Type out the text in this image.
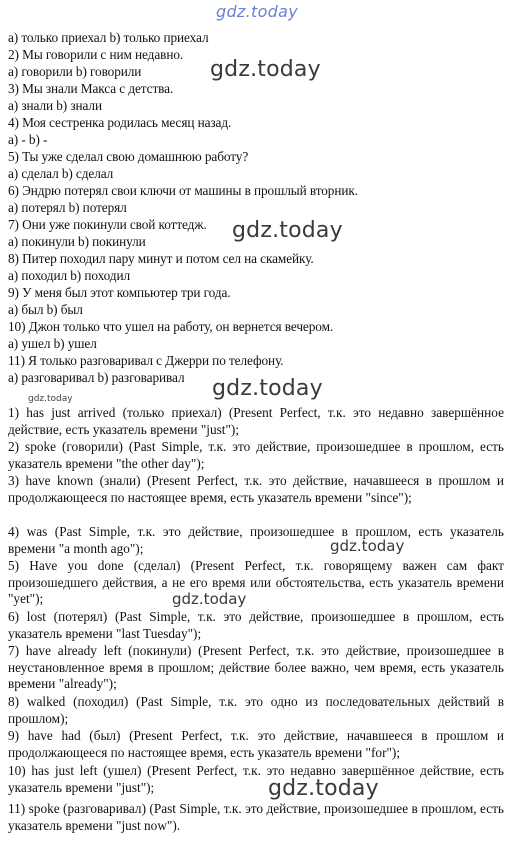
gdz.today
a) только приехал b) только приехал
2) Мы говорили с ним недавно.
a) говорили b) говорили
3) Мы знали Макса с детства.
a) знали b) знали
4) Моя сестренка родилась месяц назад.
a) - b) -
5) Ты уже сделал свою домашнюю работу?
a) сделал b) сделал
6) Эндрю потерял свои ключи от машины в прошлый вторник.
a) потерял b) потерял
7) Они уже покинули свой коттедж.
a) покинули b) покинули
8) Питер походил пару минут и потом сел на скамейку.
a) походил b) походил
9) У меня был этот компьютер три года.
a) был b) был
10) Джон только что ушел на работу, он вернется вечером.
a) ушел b) ушел
11) Я только разговаривал с Джерри по телефону.
a) разговаривал b) разговаривал
gdz.today
gdz.today
gdz.today
gdz.today
1) has just arrived (только приехал) (Present Perfect, т.к. это недавно завершённое действие, есть указатель времени "just");
2) spoke (говорили) (Past Simple, т.к. это действие, произошедшее в прошлом, есть указатель времени "the other day");
3) have known (знали) (Present Perfect, т.к. это действие, начавшееся в прошлом и продолжающееся по настоящее время, есть указатель времени "since");
4) was (Past Simple, т.к. это действие, произошедшее в прошлом, есть указатель времени "a month ago");
5) Have you done (сделал) (Present Perfect, т.к. говорящему важен сам факт произошедшего действия, а не его время или обстоятельства, есть указатель времени "yet");
6) lost (потерял) (Past Simple, т.к. это действие, произошедшее в прошлом, есть указатель времени "last Tuesday");
7) have already left (покинули) (Present Perfect, т.к. это действие, произошедшее в неустановленное время в прошлом; действие более важно, чем время, есть указатель времени "already");
8) walked (походил) (Past Simple, т.к. это одно из последовательных действий в прошлом);
9) have had (был) (Present Perfect, т.к. это действие, начавшееся в прошлом и продолжающееся по настоящее время, есть указатель времени "for");
10) has just left (ушел) (Present Perfect, т.к. это недавно завершённое действие, есть указатель времени "just");
11) spoke (разговаривал) (Past Simple, т.к. это действие, произошедшее в прошлом, есть указатель времени "just now").
gdz.today
gdz.today
gdz.today
